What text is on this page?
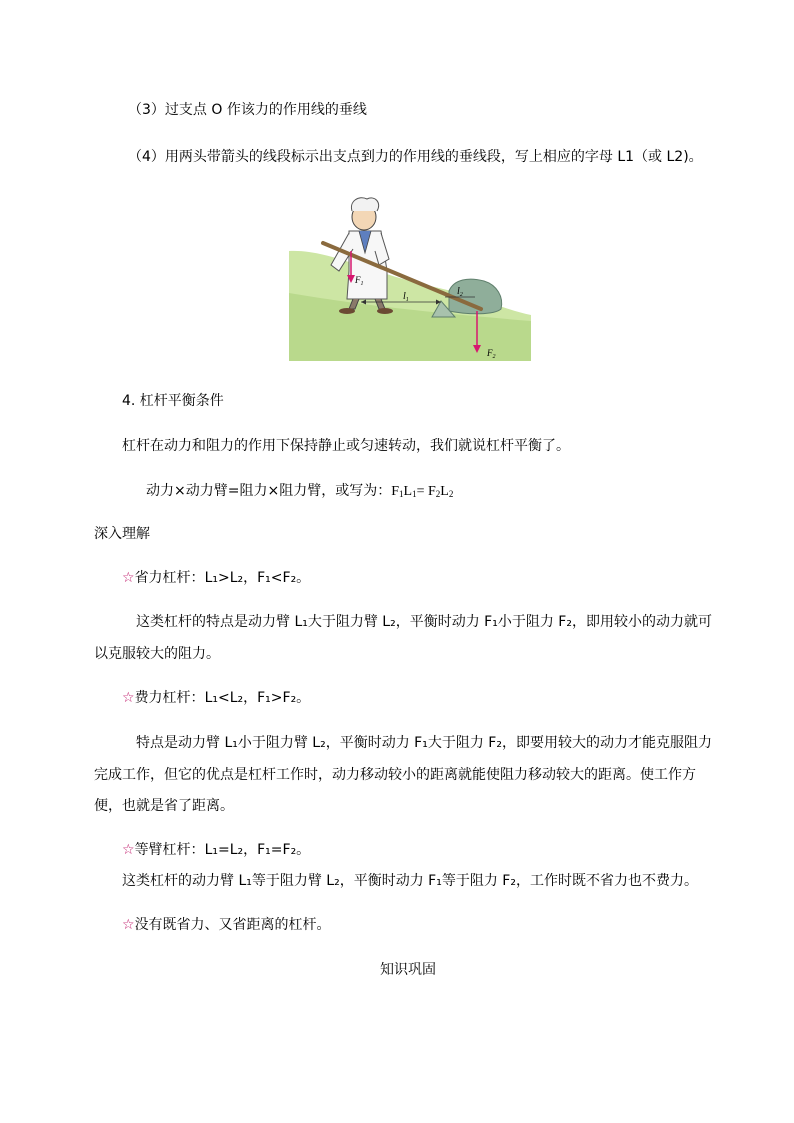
（3）过支点 O 作该力的作用线的垂线
（4）用两头带箭头的线段标示出支点到力的作用线的垂线段，写上相应的字母 L1（或 L2)。
$l_1$
$l_2$
$F_1$
$F_2$
4. 杠杆平衡条件
杠杆在动力和阻力的作用下保持静止或匀速转动，我们就说杠杆平衡了。
动力×动力臂=阻力×阻力臂，或写为：$F_1L_1= F_2L_2$
深入理解
☆省力杠杆：L₁>L₂，F₁<F₂。
这类杠杆的特点是动力臂 L₁大于阻力臂 L₂，平衡时动力 F₁小于阻力 F₂，即用较小的动力就可
以克服较大的阻力。
☆费力杠杆：L₁<L₂，F₁>F₂。
特点是动力臂 L₁小于阻力臂 L₂，平衡时动力 F₁大于阻力 F₂，即要用较大的动力才能克服阻力
完成工作，但它的优点是杠杆工作时，动力移动较小的距离就能使阻力移动较大的距离。使工作方
便，也就是省了距离。
☆等臂杠杆：L₁=L₂，F₁=F₂。
这类杠杆的动力臂 L₁等于阻力臂 L₂，平衡时动力 F₁等于阻力 F₂，工作时既不省力也不费力。
☆没有既省力、又省距离的杠杆。
知识巩固
